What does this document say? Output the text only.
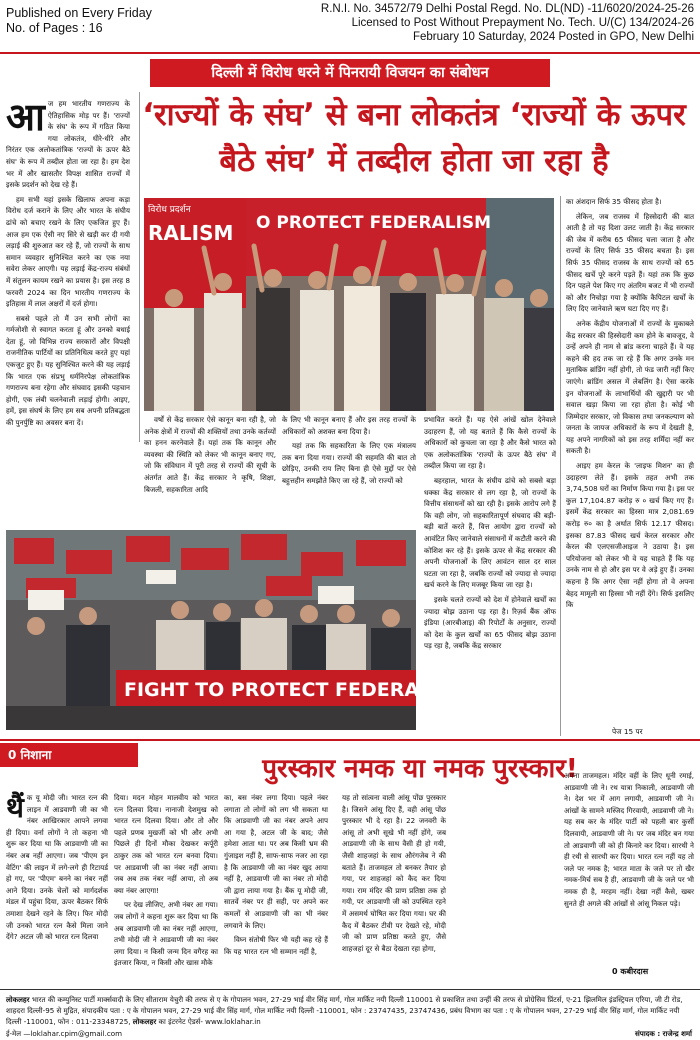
Published on Every Friday
No. of Pages : 16
R.N.I. No. 34572/79 Delhi Postal Regd. No. DL(ND) -11/6020/2024-25-26
Licensed to Post Without Prepayment No. Tech. U/(C) 134/2024-26
February 10 Saturday, 2024 Posted in GPO, New Delhi
दिल्ली में विरोध धरने में पिनरायी विजयन का संबोधन
आ ज हम भारतीय गणराज्य के ऐतिहासिक मोड़ पर हैं। 'राज्यों के संघ' के रूप में गठित किया गया लोकतंत्र, धीरे-धीरे और निरंतर एक अलोकतांत्रिक 'राज्यों के ऊपर बैठे संघ' के रूप में तब्दील होता जा रहा है। हम देश भर में और खासतौर विपक्ष शासित राज्यों में इसके प्रदर्शन को देख रहे हैं।

हम सभी यहां इसके खिलाफ अपना कड़ा विरोध दर्ज कराने के लिए और भारत के संघीय ढांचे को बचाए रखने के लिए एकजित हुए हैं। आज हम एक ऐसी नए सिरे से खड़ी कर दी गयी लड़ाई की शुरुआत कर रहे हैं, जो राज्यों के साथ समान व्यवहार सुनिश्चित करने का एक नया सवेरा लेकर आएगी। यह लड़ाई केंद्र-राज्य संबंधों में संतुलन कायम रखने का प्रयास है। इस तरह 8 फरवरी 2024 का दिन भारतीय गणराज्य के इतिहास में लाल अक्षरों में दर्ज होगा।

सबसे पहले तो मैं उन सभी लोगों का गर्मजोशी से स्वागत करता हूं और उनको बधाई देता हूं, जो विभिन्न राज्य सरकारों और विपक्षी राजनीतिक पार्टियों का प्रतिनिधित्व करते हुए यहां एकजुट हुए हैं। यह सुनिश्चित करने की यह लड़ाई कि भारत एक संप्रभु धर्मनिरपेक्ष लोकतांत्रिक गणराज्य बना रहेगा और संघवाद इसकी पहचान होगी, एक लंबी चलनेवाली लड़ाई होगी। आइए, हमें, इस संघर्ष के लिए हम सब अपनी प्रतिबद्धता की पुनर्पुष्टि का अवसर बना दें।

‘राज्यों के संघ’ से बना लोकतंत्र ‘राज्यों के ऊपर बैठे संघ’ में तब्दील होता जा रहा है
विरोध प्रदर्शन
RALISM O PROTECT FEDERALISM

वर्षों से केंद्र सरकार ऐसे कानून बना रही है, जो अनेक क्षेत्रों में राज्यों की शक्तियों तथा उनके कर्तव्यों का हनन करनेवाले हैं। यहां तक कि कानून और व्यवस्था की स्थिति को लेकर भी कानून बनाए गए, जो कि संविधान में पूरी तरह से राज्यों की सूची के अंतर्गत आते हैं। केंद्र सरकार ने कृषि, शिक्षा, बिजली, सहकारिता आदि

के लिए भी कानून बनाए हैं और इस तरह राज्यों के अधिकारों को अशक्त बना दिया है।

यहां तक कि सहकारिता के लिए एक मंत्रालय तक बना दिया गया। राज्यों की सहमति की बात तो छोड़िए, उनकी राय लिए बिना ही ऐसे मुद्दों पर ऐसे बहुत्तहीन समझौते किए जा रहे हैं, जो राज्यों को

प्रभावित करते हैं। यह ऐसे आंखें खोल देनेवाले उदाहरण हैं, जो यह बताते हैं कि कैसे राज्यों के अधिकारों को कुचला जा रहा है और कैसे भारत को एक अलोकतांत्रिक 'राज्यों के ऊपर बैठे संघ' में तब्दील किया जा रहा है।

बहरहाल, भारत के संघीय ढांचे को सबसे बड़ा धक्का केंद्र सरकार से लग रहा है, जो राज्यों के वित्तीय संसाधनों को खा रही है। इसके आरोप लगे हैं कि वही लोग, जो सहकारितापूर्ण संघवाद की बड़ी-बड़ी बातें करते हैं, वित्त आयोग द्वारा राज्यों को आवंटित किए जानेवाले संसाधनों में कटौती करने की कोशिश कर रहे हैं। इसके ऊपर से केंद्र सरकार की अपनी योजनाओं के लिए आवंटन साल दर साल घटता जा रहा है, जबकि राज्यों को ज्यादा से ज्यादा खर्च करने के लिए मजबूर किया जा रहा है।

इसके चलते राज्यों को देश में होनेवाले खर्चों का ज्यादा बोझ उठाना पड़ रहा है। रिज़र्व बैंक ऑफ इंडिया (आरबीआइ) की रिपोर्टों के अनुसार, राज्यों को देश के कुल खर्चों का 65 फीसद बोझ उठाना पड़ रहा है, जबकि केंद्र सरकार

का अंशदान सिर्फ 35 फीसद होता है।

लेकिन, जब राजस्व में हिस्सेदारी की बात आती है तो यह दिशा उलट जाती है। केंद्र सरकार की जेब में करीब 65 फीसद चला जाता है और राज्यों के लिए सिर्फ 35 फीसद बचता है। इस सिर्फ 35 फीसद राजस्व के साथ राज्यों को 65 फीसद खर्चे पूरे करने पड़ते हैं। यहां तक कि कुछ दिन पहले पेश किए गए अंतरिम बजट में भी राज्यों को और निचोड़ा गया है क्योंकि कैपिटल खर्चों के लिए दिए जानेवाले ऋण घटा दिए गए हैं।

अनेक केंद्रीय योजनाओं में राज्यों के मुकाबले केंद्र सरकार की हिस्सेदारी कम होने के बावजूद, वे उन्हें अपने ही नाम से ब्रांड करना चाहते हैं। वे यह कहने की हद तक जा रहे हैं कि अगर उनके मन मुताबिक ब्रांडिंग नहीं होगी, तो फंड जारी नहीं किए जाएंगे। ब्रांडिंग असल में लेबलिंग है। ऐसा करके इन योजनाओं के लाभार्थियों की खुद्दारी पर भी सवाल खड़ा किया जा रहा होता है। कोई भी जिम्मेदार सरकार, जो विकास तथा जनकल्याण को जनता के जायज अधिकारों के रूप में देखती है, यह अपने नागरिकों को इस तरह शर्मिंदा नहीं कर सकती है।

आइए हम केरल के 'लाइफ मिशन' का ही उदाहरण लेते हैं। इसके तहत अभी तक 3,74,508 घरों का निर्माण किया गया है। इस पर कुल 17,104.87 करोड़ रु ० खर्च किए गए हैं। इसमें केंद्र सरकार का हिस्सा मात्र 2,081.69 करोड़ रु० का है अर्थात सिर्फ 12.17 फीसद। इसका 87.83 फीसद खर्च केरल सरकार और केरल की एलएसजीआइज ने उठाया है। इस परियोजना को लेकर भी वे यह चाहते हैं कि यह उनके नाम से हो और इस पर वे अड़े हुए हैं। उनका कहना है कि अगर ऐसा नहीं होगा तो वे अपना बेहद मामूली सा हिस्सा भी नहीं देंगे। सिर्फ इसलिए कि

पेज 15 पर
FIGHT TO PROTECT FEDERALIS
0 निशाना	पुरस्कार नमक या नमक पुरस्कार!
थैं क यू मोदी जी। भारत रत्न की लाइन में आडवाणी जी का भी नंबर आखिरकार आपने लगवा ही दिया। वर्ना लोगों ने तो कहना भी शुरू कर दिया था कि आडवाणी जी का नंबर अब नहीं आएगा। जब 'पीएम इन वेटिंग' की लाइन में लगे-लगे ही रिटायर्ड हो गए, पर 'पीएम' बनने का नंबर नहीं आने दिया। उनके चेलों को मार्गदर्शक मंडल में पहुंचा दिया, ऊपर बैठकर सिर्फ तमाशा देखने रहने के लिए। फिर मोदी जी उनको भारत रत्न कैसे मिला जाने देंगे? अटल जी को भारत रत्न दिलवा

दिया। मदन मोहन मालवीय को भारत रत्न दिलवा दिया। नानाजी देशमुख को भारत रत्न दिलवा दिया। और तो और पहले प्रणब मुखर्जी को भी और अभी पिछले ही दिनों मौका देखकर कर्पूरी ठाकुर तक को भारत रत्न बनवा दिया। पर आडवाणी जी का नंबर नहीं आया। जब अब तक नंबर नहीं आया, तो अब क्या नंबर आएगा!

पर देख लीजिए, अभी नंबर आ गया। जब लोगों ने कहना शुरू कर दिया था कि अब आडवाणी जी का नंबर नहीं आएगा, तभी मोदी जी ने आडवाणी जी का नंबर लगा दिया। न किसी जन्म दिन वगैरह का इंतजार किया, न किसी और खास मौके

का, बस नंबर लगा दिया। पहले नंबर लगाता तो लोगों को लग भी सकता था कि आडवाणी जी का नंबर अपने आप आ गया है, अटल जी के बाद; जैसे हमेशा आता था। पर अब किसी भ्रम की गुंजाइश नहीं है, साफ-साफ नजर आ रहा है कि आडवाणी जी का नंबर खुद आया नहीं है, आडवाणी जी का नंबर तो मोदी जी द्वारा लाया गया है। बैंक यू मोदी जी, सातवें नंबर पर ही सही, पर अपने कर कमलों से आडवाणी जी का भी नंबर लगवाने के लिए।

विघ्न संतोषी फिर भी यही कह रहे हैं कि यह भारत रत्न भी सम्मान नहीं है,

यह तो सांत्वना वाली आंसू पोंछ पुरस्कार है। जिसने आंसू दिए हैं, वही आंसू पोंछ पुरस्कार भी दे रहा है। 22 जनवरी के आंसू तो अभी सूखे भी नहीं होंगे, जब आडवाणी जी के साथ वैसी ही हो गयी, जैसी शाहजहां के साथ औरंगजेब ने की बताते हैं। ताजमहल तो बनकर तैयार हो गया, पर शाहजहां को कैद कर दिया गया। राम मंदिर की प्राण प्रतिष्ठा तक हो गयी, पर आडवाणी जी को उपस्थित रहने में असमर्थ घोषित कर दिया गया। घर की कैद में बैठकर टीवी पर देखते रहे, मोदी जी को प्राण प्रतिष्ठा करते हुए, जैसे शाहजहां दूर से बैठा देखता रहा होगा,

अपना ताजमहल। मंदिर वहीं के लिए धूनी रमाई, आडवाणी जी ने। रथ यात्रा निकाली, आडवाणी जी ने। देश भर में आग लगायी, आडवाणी जी ने। आंखों के सामने मस्जिद गिरवायी, आडवाणी जी ने। यह सब कर के मंदिर पार्टी को पहली बार कुर्सी दिलवायी, आडवाणी जी ने। पर जब मंदिर बन गया तो आडवाणी जी को ही किनारे कर दिया। सारथी ने ही रथी से सारथी कर दिया। भारत रत्न नहीं यह तो जले पर नमक है; भारत माता के जले पर तो खैर नमक-मिर्च सब है ही, आडवाणी जी के जले पर भी नमक ही है, मरहम नहीं। देखा नहीं कैसे, खबर सुनते ही अगले की आंखों से आंसू निकल पड़े।

0 कबीरदास
लोकलहर भारत की कम्युनिस्ट पार्टी मार्क्सवादी के लिए सीताराम येचुरी की तरफ से ए के गोपालन भवन, 27-29 भाई वीर सिंह मार्ग, गोल मार्किट नयी दिल्ली 110001 से प्रकाशित तथा उन्हीं की तरफ से प्रोग्रेसिव प्रिंटर्स, ए-21 झिलमिल इंडस्ट्रियल एरिया, जी टी रोड, शाहदरा दिल्ली-95 से मुद्रित, संपादकीय पता : ए के गोपालन भवन, 27-29 भाई वीर सिंह मार्ग, गोल मार्किट नयी दिल्ली -110001, फोन : 23747435, 23747436, प्रबंध विभाग का पता : ए के गोपालन भवन, 27-29 भाई वीर सिंह मार्ग, गोल मार्किट नयी दिल्ली -110001, फोन : 011-23348725, लोकलहर का इंटरनेट ऐडर्स- www.loklahar.in
ई-मेल —loklahar.cpim@gmail.com	संपादक : राजेन्द्र शर्मा
